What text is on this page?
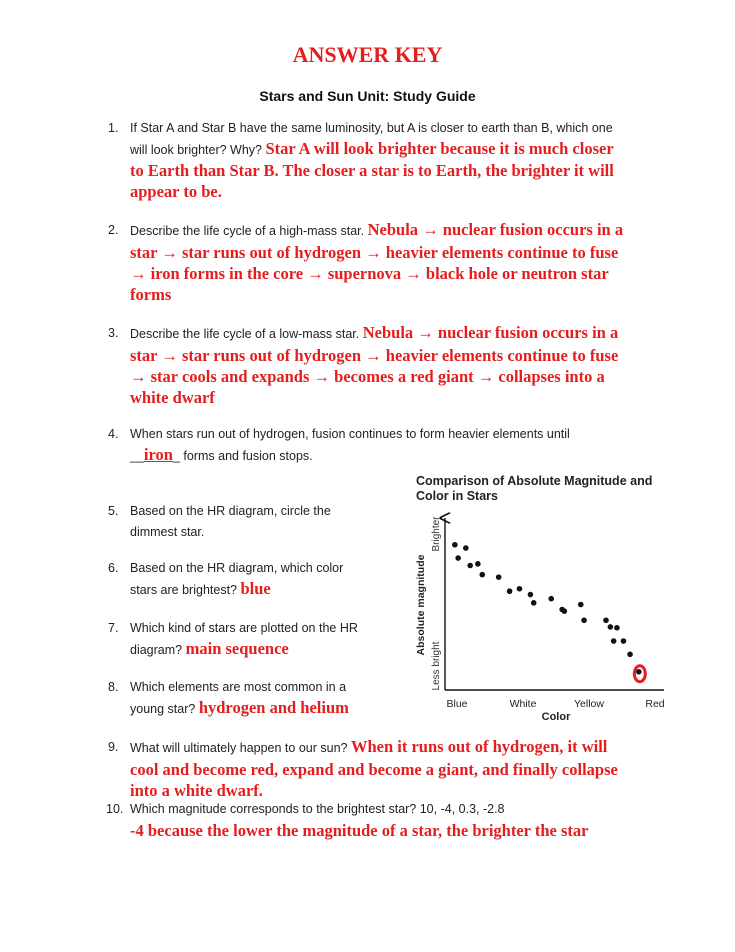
ANSWER KEY
Stars and Sun Unit: Study Guide
1. If Star A and Star B have the same luminosity, but A is closer to earth than B, which one
will look brighter? Why? Star A will look brighter because it is much closer
to Earth than Star B. The closer a star is to Earth, the brighter it will
appear to be.
2. Describe the life cycle of a high-mass star. Nebula → nuclear fusion occurs in a
star → star runs out of hydrogen → heavier elements continue to fuse
→ iron forms in the core → supernova → black hole or neutron star
forms
3. Describe the life cycle of a low-mass star. Nebula → nuclear fusion occurs in a
star → star runs out of hydrogen → heavier elements continue to fuse
→ star cools and expands → becomes a red giant → collapses into a
white dwarf
4. When stars run out of hydrogen, fusion continues to form heavier elements until
__iron_ forms and fusion stops.
5. Based on the HR diagram, circle the
dimmest star.
6. Based on the HR diagram, which color
stars are brightest? blue
7. Which kind of stars are plotted on the HR
diagram? main sequence
8. Which elements are most common in a
young star? hydrogen and helium
9. What will ultimately happen to our sun? When it runs out of hydrogen, it will
cool and become red, expand and become a giant, and finally collapse
into a white dwarf.
10. Which magnitude corresponds to the brightest star? 10, -4, 0.3, -2.8
-4 because the lower the magnitude of a star, the brighter the star
Comparison of Absolute Magnitude and Color in Stars
Absolute magnitude
Brighter
Less bright
Color
Blue	White	Yellow	Red
